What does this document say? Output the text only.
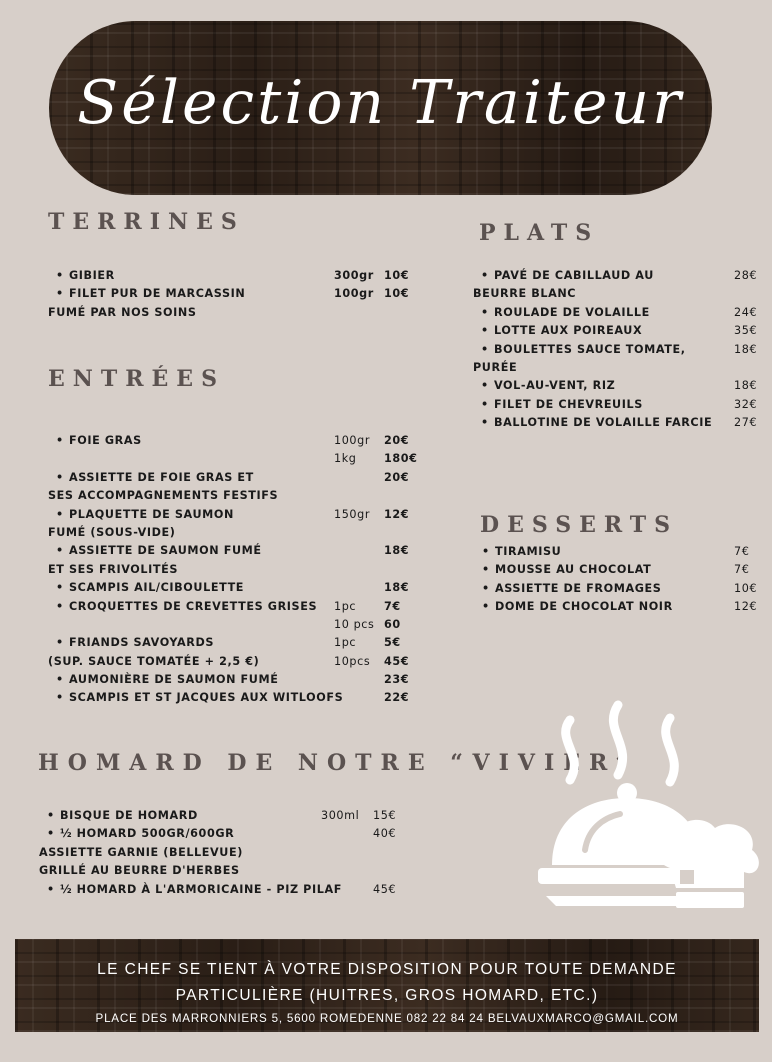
Sélection Traiteur
TERRINES
• GIBIER	300gr 10€
• FILET PUR DE MARCASSIN	100gr 10€
FUMÉ PAR NOS SOINS
ENTRÉES
• FOIE GRAS	100gr 20€
1kg 180€
• ASSIETTE DE FOIE GRAS ET	20€
SES ACCOMPAGNEMENTS FESTIFS
• PLAQUETTE DE SAUMON	150gr 12€
FUMÉ (SOUS-VIDE)
• ASSIETTE DE SAUMON FUMÉ	18€
ET SES FRIVOLITÉS
• SCAMPIS AIL/CIBOULETTE	18€
• CROQUETTES DE CREVETTES GRISES 1pc 7€
10 pcs 60
• FRIANDS SAVOYARDS	1pc 5€
(SUP. SAUCE TOMATÉE + 2,5 €)	10pcs 45€
• AUMONIÈRE DE SAUMON FUMÉ	23€
• SCAMPIS ET ST JACQUES AUX WITLOOFS	22€
PLATS
• PAVÉ DE CABILLAUD AU	28€
BEURRE BLANC
• ROULADE DE VOLAILLE	24€
• LOTTE AUX POIREAUX	35€
• BOULETTES SAUCE TOMATE,	18€
PURÉE
• VOL-AU-VENT, RIZ	18€
• FILET DE CHEVREUILS	32€
• BALLOTINE DE VOLAILLE FARCIE 27€
DESSERTS
• TIRAMISU	7€
• MOUSSE AU CHOCOLAT	7€
• ASSIETTE DE FROMAGES	10€
• DOME DE CHOCOLAT NOIR	12€
HOMARD DE NOTRE “VIVIER”
• BISQUE DE HOMARD	300ml 15€
• ½ HOMARD 500GR/600GR	40€
ASSIETTE GARNIE (BELLEVUE)
GRILLÉ AU BEURRE D'HERBES
• ½ HOMARD À L'ARMORICAINE - PIZ PILAF	45€
LE CHEF SE TIENT À VOTRE DISPOSITION POUR TOUTE DEMANDE
PARTICULIÈRE (HUITRES, GROS HOMARD, ETC.)
PLACE DES MARRONNIERS 5, 5600 ROMEDENNE 082 22 84 24 BELVAUXMARCO@GMAIL.COM
